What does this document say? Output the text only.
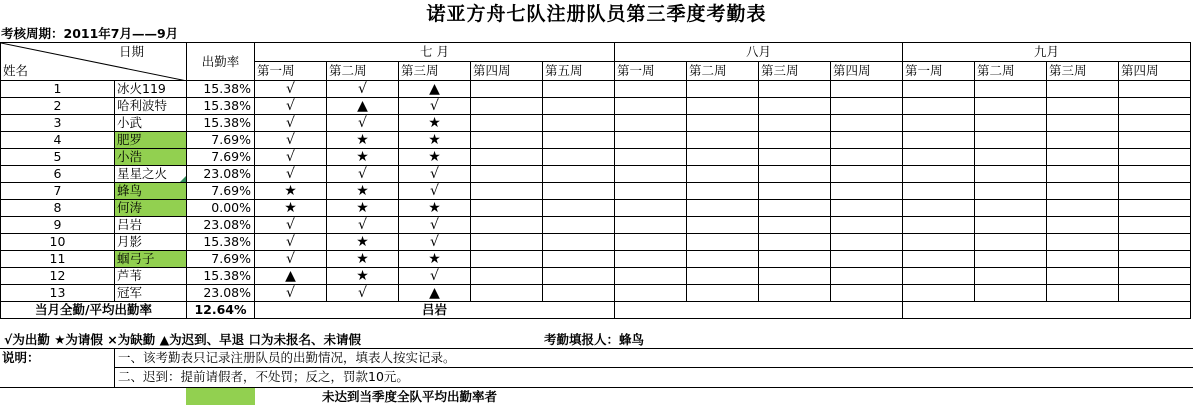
诺亚方舟七队注册队员第三季度考勤表
考核周期：2011年7月——9月
日期
姓名		出勤率	七 月					八月				九月			
			第一周	第二周	第三周	第四周	第五周	第一周	第二周	第三周	第四周	第一周	第二周	第三周	第四周
1	冰火119	15.38%	√	√	▲										
2	哈利波特	15.38%	√	▲	√										
3	小武	15.38%	√	√	★										
4	肥罗	7.69%	√	★	★										
5	小浩	7.69%	√	★	★										
6	星星之火	23.08%	√	√	√										
7	蜂鸟	7.69%	★	★	√										
8	何涛	0.00%	★	★	★										
9	吕岩	23.08%	√	√	√										
10	月影	15.38%	√	★	√										
11	蝈弓子	7.69%	√	★	★										
12	芦苇	15.38%	▲	★	√										
13	冠军	23.08%	√	√	▲										
当月全勤/平均出勤率		12.64%	吕岩												
√为出勤 ★为请假 ×为缺勤 ▲为迟到、早退 口为未报名、未请假	考勤填报人：蜂鸟
说明：	一、该考勤表只记录注册队员的出勤情况，填表人按实记录。
二、迟到：提前请假者，不处罚；反之，罚款10元。
未达到当季度全队平均出勤率者
